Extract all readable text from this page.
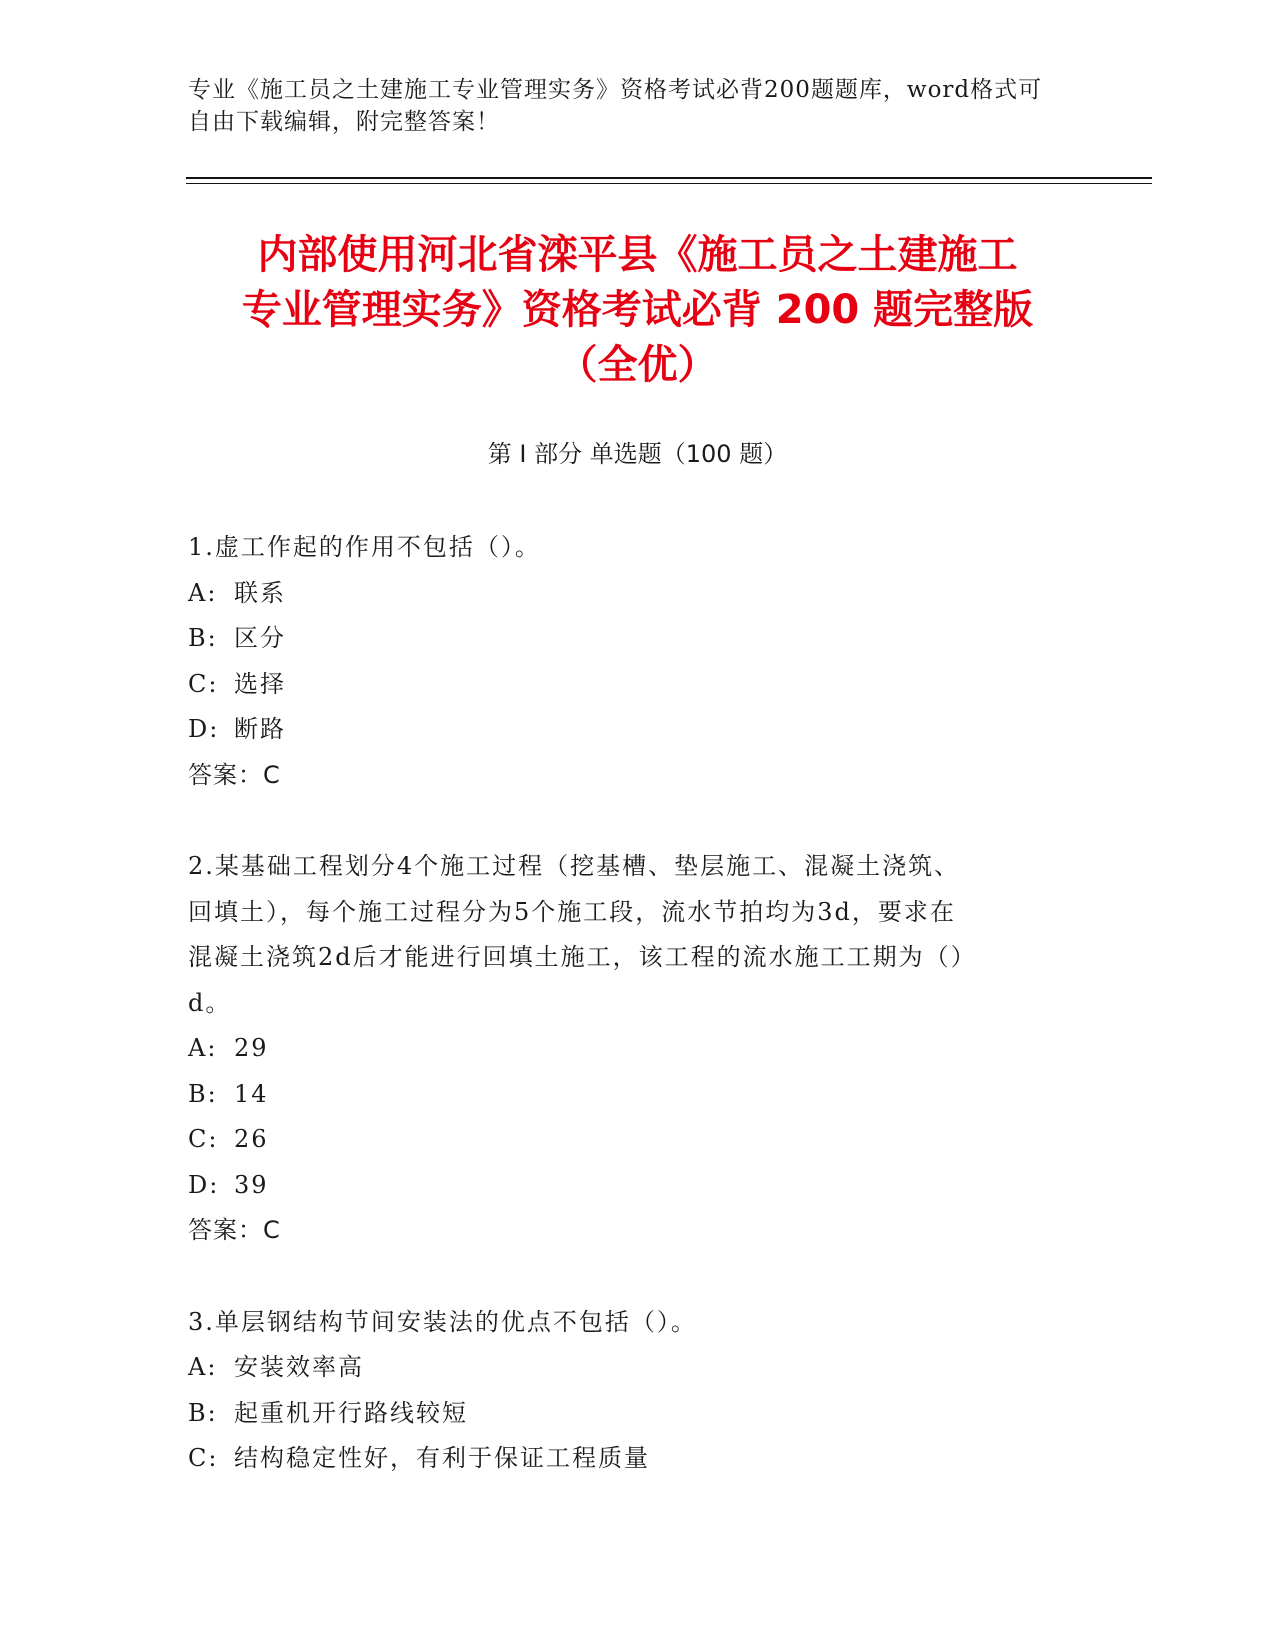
专业《施工员之土建施工专业管理实务》资格考试必背200题题库，word格式可
自由下载编辑，附完整答案！
内部使用河北省滦平县《施工员之土建施工
专业管理实务》资格考试必背 200 题完整版
（全优）
第 I 部分 单选题（100 题）

1.虚工作起的作用不包括（）。

A: 联系

B: 区分

C: 选择

D: 断路

答案：C

2.某基础工程划分4个施工过程（挖基槽、垫层施工、混凝土浇筑、

回填土），每个施工过程分为5个施工段，流水节拍均为3d，要求在

混凝土浇筑2d后才能进行回填土施工，该工程的流水施工工期为（）

d。

A: 29

B: 14

C: 26

D: 39

答案：C

3.单层钢结构节间安装法的优点不包括（）。

A: 安装效率高

B: 起重机开行路线较短

C: 结构稳定性好，有利于保证工程质量
